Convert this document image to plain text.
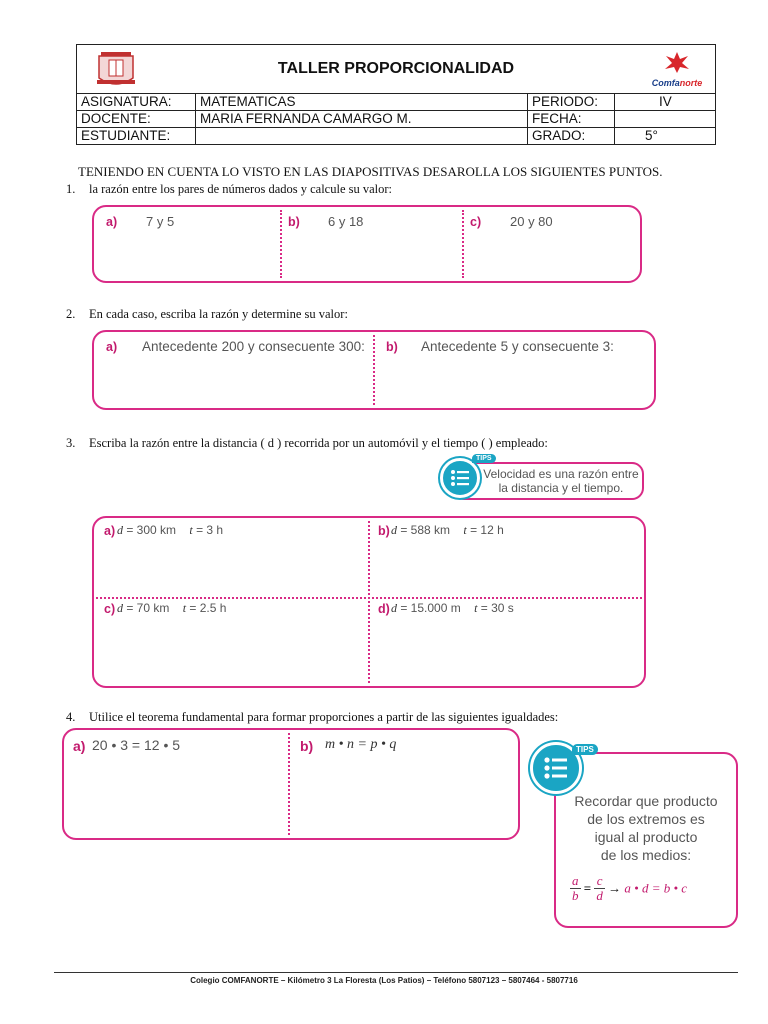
TALLER PROPORCIONALIDAD
Comfanorte			

ASIGNATURA:	MATEMATICAS	PERIODO:	IV
DOCENTE:	MARIA FERNANDA CAMARGO M.	FECHA:	
ESTUDIANTE:		GRADO:	5°
TENIENDO EN CUENTA LO VISTO EN LAS DIAPOSITIVAS DESAROLLA LOS SIGUIENTES PUNTOS.
1. la razón entre los pares de números dados y calcule su valor:
a) 7 y 5	b) 6 y 18	c) 20 y 80
2. En cada caso, escriba la razón y determine su valor:
a) Antecedente 200 y consecuente 300: b) Antecedente 5 y consecuente 3:
3. Escriba la razón entre la distancia ( d ) recorrida por un automóvil y el tiempo ( ) empleado:
TIPS
Velocidad es una razón entre
la distancia y el tiempo.
a) d = 300 km t = 3 h	b) d = 588 km t = 12 h
c) d = 70 km t = 2.5 h	d) d = 15.000 m t = 30 s
4. Utilice el teorema fundamental para formar proporciones a partir de las siguientes igualdades:
a) 20 • 3 = 12 • 5	b) m • n = p • q	TIPS
Recordar que producto
de los extremos es
igual al producto
de los medios:
$\frac{a}{b} = \frac{c}{d} \to a$ • d = b • c
Colegio COMFANORTE – Kilómetro 3 La Floresta (Los Patios) – Teléfono 5807123 – 5807464 - 5807716
